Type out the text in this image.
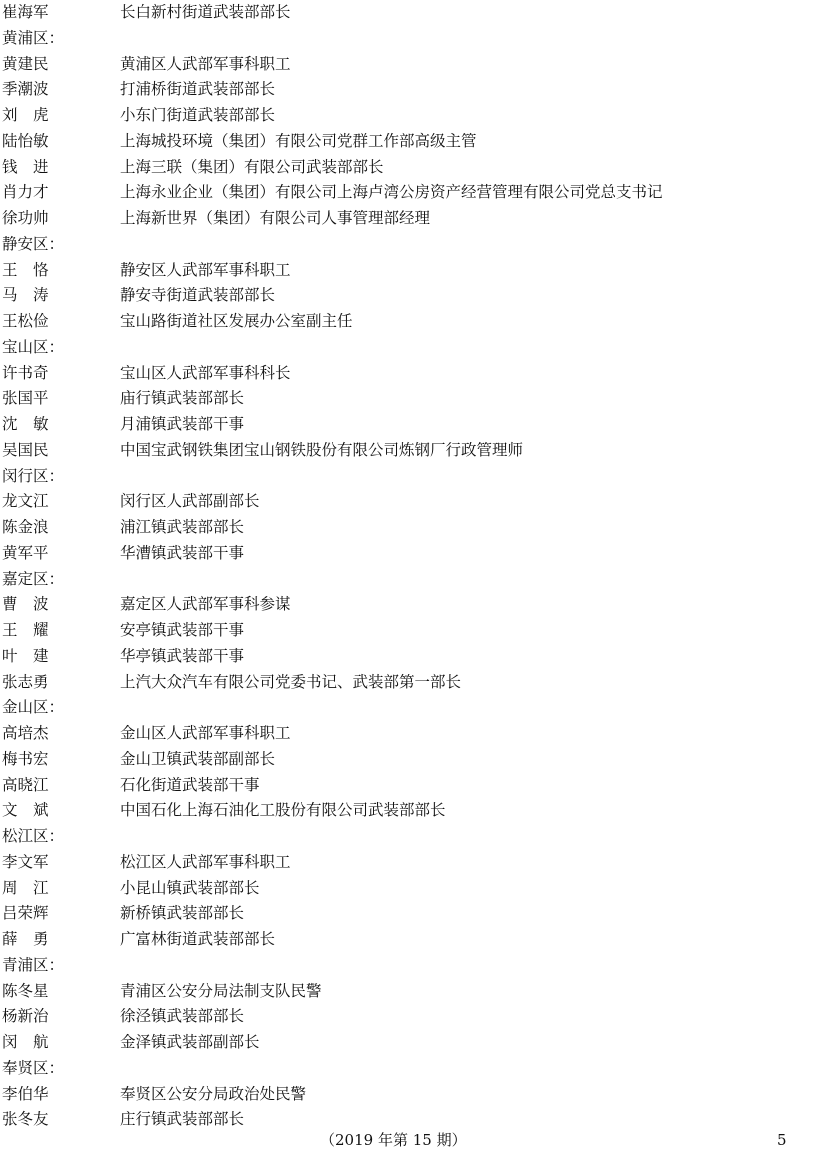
崔海军	长白新村街道武装部部长
黄浦区：
黄建民	黄浦区人武部军事科职工
季潮波	打浦桥街道武装部部长
刘　虎	小东门街道武装部部长
陆怡敏	上海城投环境（集团）有限公司党群工作部高级主管
钱　进	上海三联（集团）有限公司武装部部长
肖力才	上海永业企业（集团）有限公司上海卢湾公房资产经营管理有限公司党总支书记
徐功帅	上海新世界（集团）有限公司人事管理部经理
静安区：
王　恪	静安区人武部军事科职工
马　涛	静安寺街道武装部部长
王松俭	宝山路街道社区发展办公室副主任
宝山区：
许书奇	宝山区人武部军事科科长
张国平	庙行镇武装部部长
沈　敏	月浦镇武装部干事
吴国民	中国宝武钢铁集团宝山钢铁股份有限公司炼钢厂行政管理师
闵行区：
龙文江	闵行区人武部副部长
陈金浪	浦江镇武装部部长
黄军平	华漕镇武装部干事
嘉定区：
曹　波	嘉定区人武部军事科参谋
王　耀	安亭镇武装部干事
叶　建	华亭镇武装部干事
张志勇	上汽大众汽车有限公司党委书记、武装部第一部长
金山区：
高培杰	金山区人武部军事科职工
梅书宏	金山卫镇武装部副部长
高晓江	石化街道武装部干事
文　斌	中国石化上海石油化工股份有限公司武装部部长
松江区：
李文军	松江区人武部军事科职工
周　江	小昆山镇武装部部长
吕荣辉	新桥镇武装部部长
薛　勇	广富林街道武装部部长
青浦区：
陈冬星	青浦区公安分局法制支队民警
杨新治	徐泾镇武装部部长
闵　航	金泽镇武装部副部长
奉贤区：
李伯华	奉贤区公安分局政治处民警
张冬友	庄行镇武装部部长
（2019 年第 15 期）	5
